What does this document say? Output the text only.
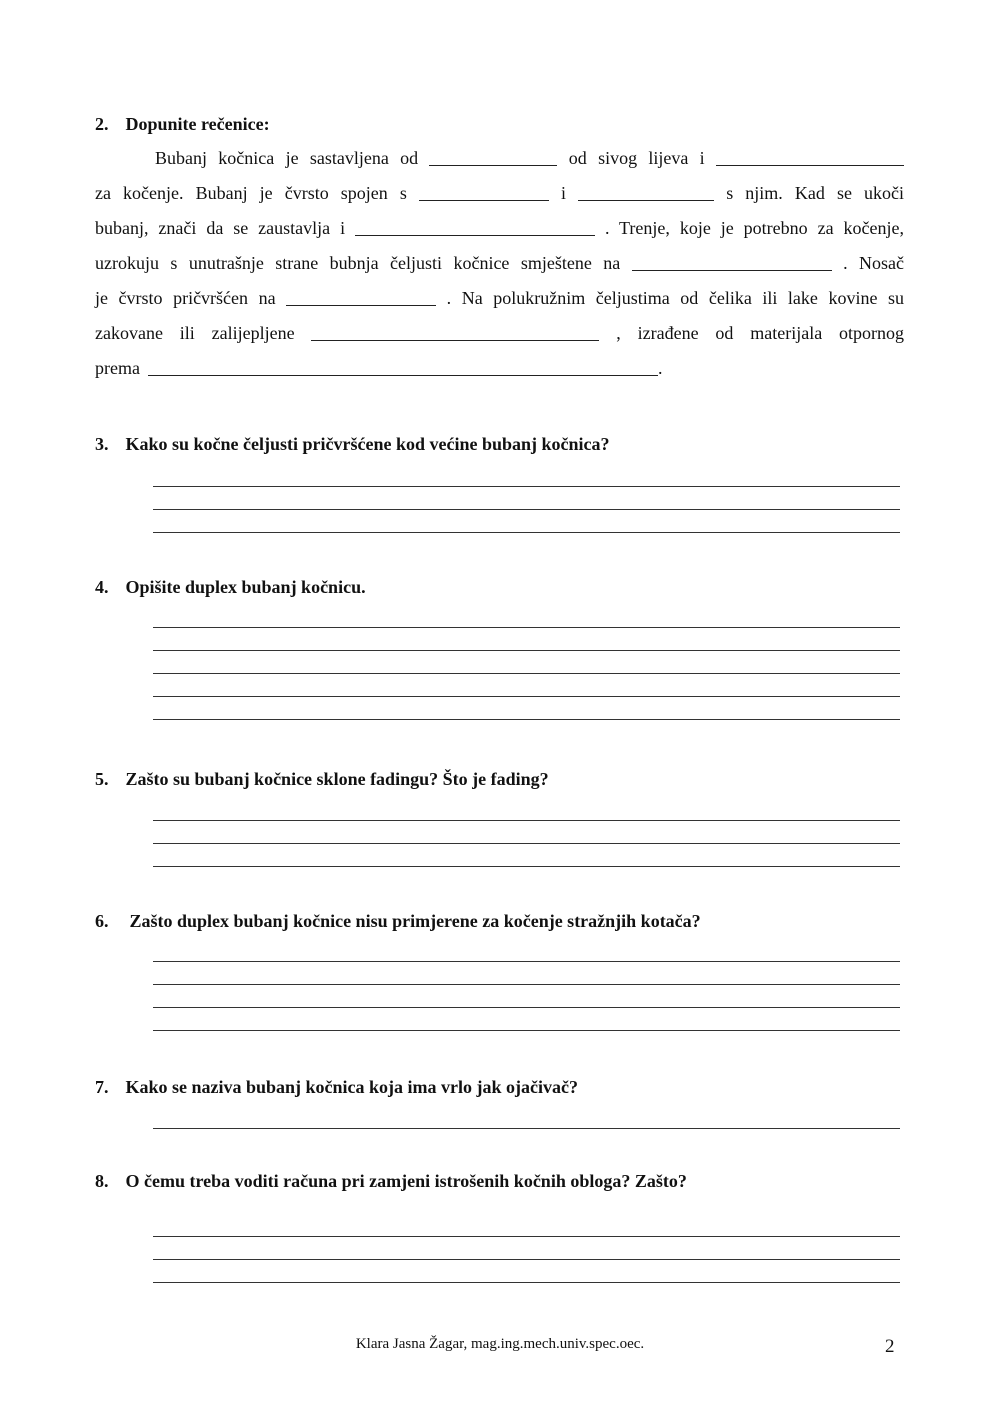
2. Dopunite rečenice:
Bubanj kočnica je sastavljena od	od sivog lijeva i
za kočenje. Bubanj je čvrsto spojen s	i	s njim. Kad se ukoči
bubanj, znači da se zaustavlja i	. Trenje, koje je potrebno za kočenje,
uzrokuju s unutrašnje strane bubnja čeljusti kočnice smještene na	. Nosač
je čvrsto pričvršćen na	. Na polukružnim čeljustima od čelika ili lake kovine su
zakovane ili zalijepljene	, izrađene od materijala otpornog
prema	.
3. Kako su kočne čeljusti pričvršćene kod većine bubanj kočnica?
4. Opišite duplex bubanj kočnicu.
5. Zašto su bubanj kočnice sklone fadingu? Što je fading?
6. Zašto duplex bubanj kočnice nisu primjerene za kočenje stražnjih kotača?
7. Kako se naziva bubanj kočnica koja ima vrlo jak ojačivač?
8. O čemu treba voditi računa pri zamjeni istrošenih kočnih obloga? Zašto?
Klara Jasna Žagar, mag.ing.mech.univ.spec.oec.	2
